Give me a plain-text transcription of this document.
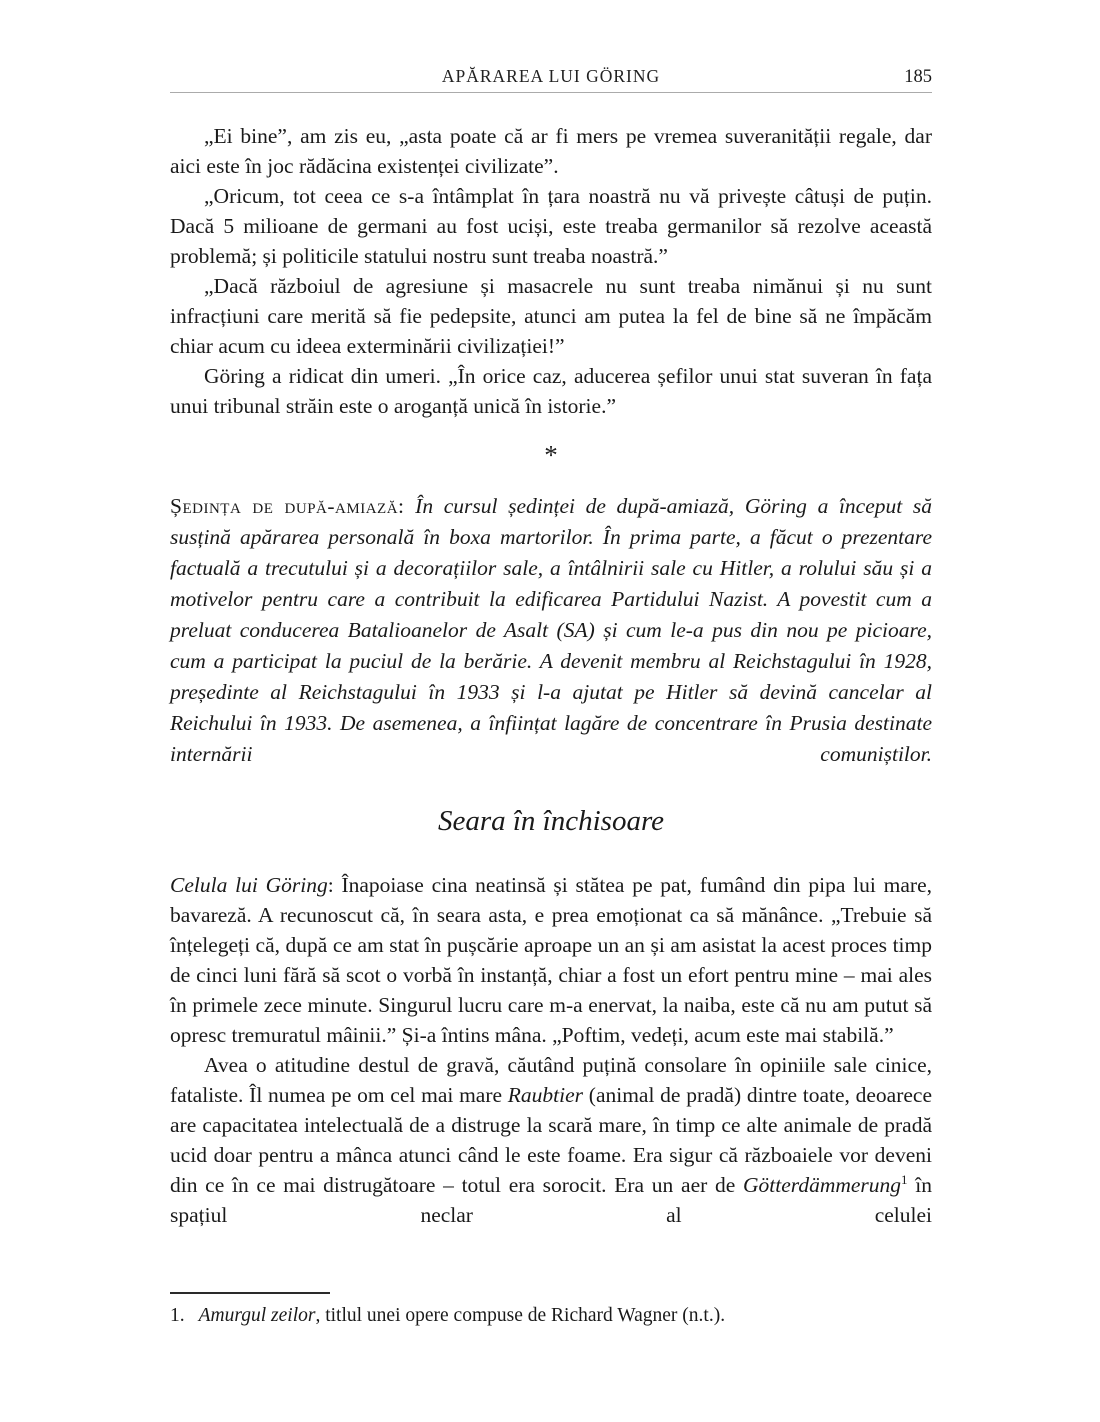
APĂRAREA LUI GÖRING	185

„Ei bine”, am zis eu, „asta poate că ar fi mers pe vremea suveranității regale, dar aici este în joc rădăcina existenței civilizate”.

„Oricum, tot ceea ce s-a întâmplat în țara noastră nu vă privește câtuși de puțin. Dacă 5 milioane de germani au fost uciși, este treaba germanilor să rezolve această problemă; și politicile statului nostru sunt treaba noastră.”

„Dacă războiul de agresiune și masacrele nu sunt treaba nimănui și nu sunt infracțiuni care merită să fie pedepsite, atunci am putea la fel de bine să ne împăcăm chiar acum cu ideea exterminării civilizației!”

Göring a ridicat din umeri. „În orice caz, aducerea șefilor unui stat suveran în fața unui tribunal străin este o aroganță unică în istorie.”

*

Ședința de după-amiază: În cursul ședinței de după-amiază, Göring a început să susțină apărarea personală în boxa martorilor. În prima parte, a făcut o prezentare factuală a trecutului și a decorațiilor sale, a întâlnirii sale cu Hitler, a rolului său și a motivelor pentru care a contribuit la edificarea Partidului Nazist. A povestit cum a preluat conducerea Batalioanelor de Asalt (SA) și cum le-a pus din nou pe picioare, cum a participat la puciul de la berărie. A devenit membru al Reichstagului în 1928, președinte al Reichstagului în 1933 și l-a ajutat pe Hitler să devină cancelar al Reichului în 1933. De asemenea, a înființat lagăre de concentrare în Prusia destinate internării comuniștilor.

Seara în închisoare

Celula lui Göring: Înapoiase cina neatinsă și stătea pe pat, fumând din pipa lui mare, bavareză. A recunoscut că, în seara asta, e prea emoționat ca să mănânce. „Trebuie să înțelegeți că, după ce am stat în pușcărie aproape un an și am asistat la acest proces timp de cinci luni fără să scot o vorbă în instanță, chiar a fost un efort pentru mine – mai ales în primele zece minute. Singurul lucru care m-a enervat, la naiba, este că nu am putut să opresc tremuratul mâinii.” Și-a întins mâna. „Poftim, vedeți, acum este mai stabilă.”

Avea o atitudine destul de gravă, căutând puțină consolare în opiniile sale cinice, fataliste. Îl numea pe om cel mai mare Raubtier (animal de pradă) dintre toate, deoarece are capacitatea intelectuală de a distruge la scară mare, în timp ce alte animale de pradă ucid doar pentru a mânca atunci când le este foame. Era sigur că războaiele vor deveni din ce în ce mai distrugătoare – totul era sorocit. Era un aer de Götterdämmerung$^1$ în spațiul neclar al celulei

1. Amurgul zeilor, titlul unei opere compuse de Richard Wagner (n.t.).
